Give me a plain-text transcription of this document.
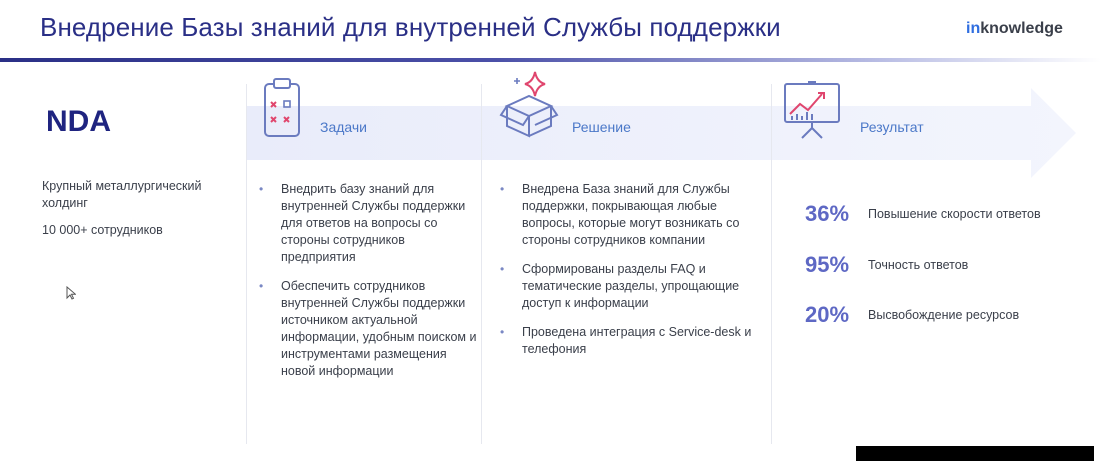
Внедрение Базы знаний для внутренней Службы поддержки	inknowledge
NDA
Крупный металлургический холдинг
10 000+ сотрудников
Задачи
• Внедрить базу знаний для внутренней Службы поддержки для ответов на вопросы со стороны сотрудников предприятия
• Обеспечить сотрудников внутренней Службы поддержки источником актуальной информации, удобным поиском и инструментами размещения новой информации
Решение
• Внедрена База знаний для Службы поддержки, покрывающая любые вопросы, которые могут возникать со стороны сотрудников компании
• Сформированы разделы FAQ и тематические разделы, упрощающие доступ к информации
• Проведена интеграция с Service-desk и телефония
Результат
36%	Повышение скорости ответов
95%	Точность ответов
20%	Высвобождение ресурсов
